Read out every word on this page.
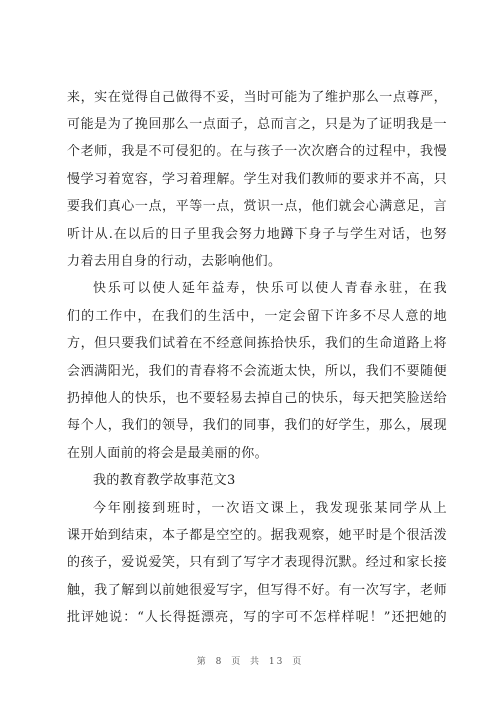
来，实在觉得自己做得不妥，当时可能为了维护那么一点尊严，
可能是为了挽回那么一点面子，总而言之，只是为了证明我是一
个老师，我是不可侵犯的。在与孩子一次次磨合的过程中，我慢
慢学习着宽容，学习着理解。学生对我们教师的要求并不高，只
要我们真心一点，平等一点，赏识一点，他们就会心满意足，言
听计从.在以后的日子里我会努力地蹲下身子与学生对话，也努
力着去用自身的行动，去影响他们。
快乐可以使人延年益寿，快乐可以使人青春永驻，在我
们的工作中，在我们的生活中，一定会留下许多不尽人意的地
方，但只要我们试着在不经意间拣拾快乐，我们的生命道路上将
会洒满阳光，我们的青春将不会流逝太快，所以，我们不要随便
扔掉他人的快乐，也不要轻易去掉自己的快乐，每天把笑脸送给
每个人，我们的领导，我们的同事，我们的好学生，那么，展现
在别人面前的将会是最美丽的你。
我的教育教学故事范文3
今年刚接到班时，一次语文课上，我发现张某同学从上
课开始到结束，本子都是空空的。据我观察，她平时是个很活泼
的孩子，爱说爱笑，只有到了写字才表现得沉默。经过和家长接
触，我了解到以前她很爱写字，但写得不好。有一次写字，老师
批评她说：“人长得挺漂亮，写的字可不怎样样呢！”还把她的
第 8 页 共 13 页
